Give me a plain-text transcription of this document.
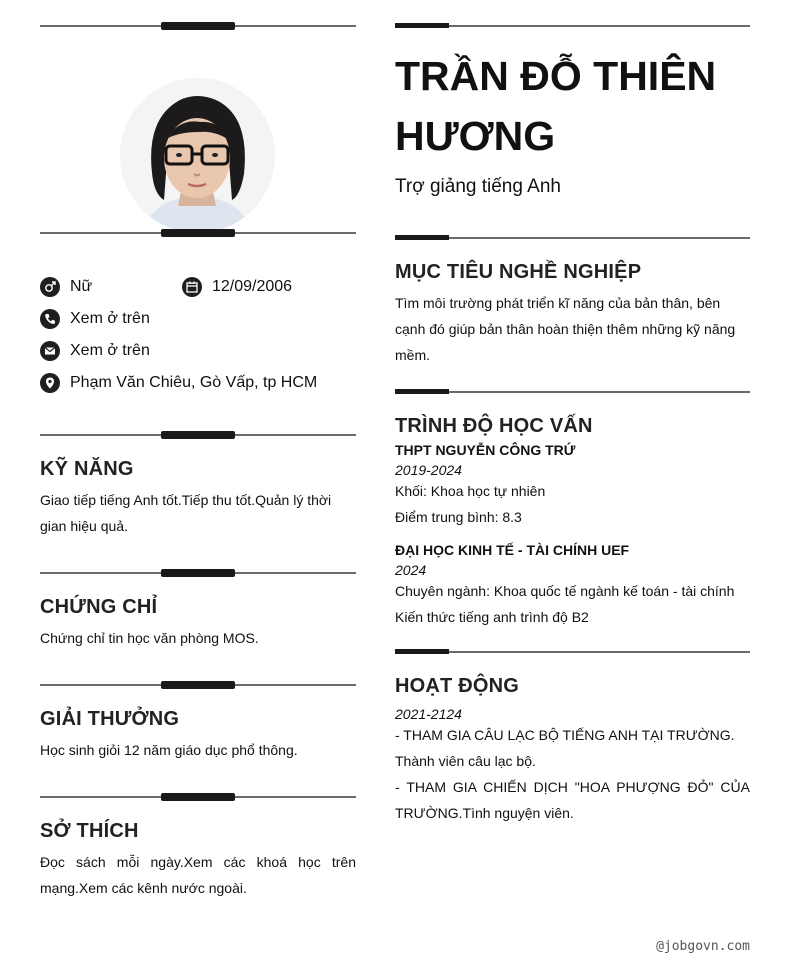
Nữ	12/09/2006
Xem ở trên
Xem ở trên
Phạm Văn Chiêu, Gò Vấp, tp HCM
KỸ NĂNG
Giao tiếp tiếng Anh tốt.Tiếp thu tốt.Quản lý thời gian hiệu quả.
CHỨNG CHỈ
Chứng chỉ tin học văn phòng MOS.
GIẢI THƯỞNG
Học sinh giỏi 12 năm giáo dục phổ thông.
SỞ THÍCH
Đọc sách mỗi ngày.Xem các khoá học trên mạng.Xem các kênh nước ngoài.
TRẦN ĐỖ THIÊN
HƯƠNG
Trợ giảng tiếng Anh
MỤC TIÊU NGHỀ NGHIỆP
Tìm môi trường phát triển kĩ năng của bản thân, bên cạnh đó giúp bản thân hoàn thiện thêm những kỹ năng mềm.
TRÌNH ĐỘ HỌC VẤN
THPT NGUYỄN CÔNG TRỨ
2019-2024
Khối: Khoa học tự nhiên
Điểm trung bình: 8.3
ĐẠI HỌC KINH TẾ - TÀI CHÍNH UEF
2024
Chuyên ngành: Khoa quốc tế ngành kế toán - tài chính
Kiến thức tiếng anh trình độ B2
HOẠT ĐỘNG
2021-2124
- THAM GIA CÂU LẠC BỘ TIẾNG ANH TẠI TRƯỜNG. Thành viên câu lạc bộ.
- THAM GIA CHIẾN DỊCH "HOA PHƯỢNG ĐỎ" CỦA TRƯỜNG.Tình nguyện viên.
@jobgovn.com
